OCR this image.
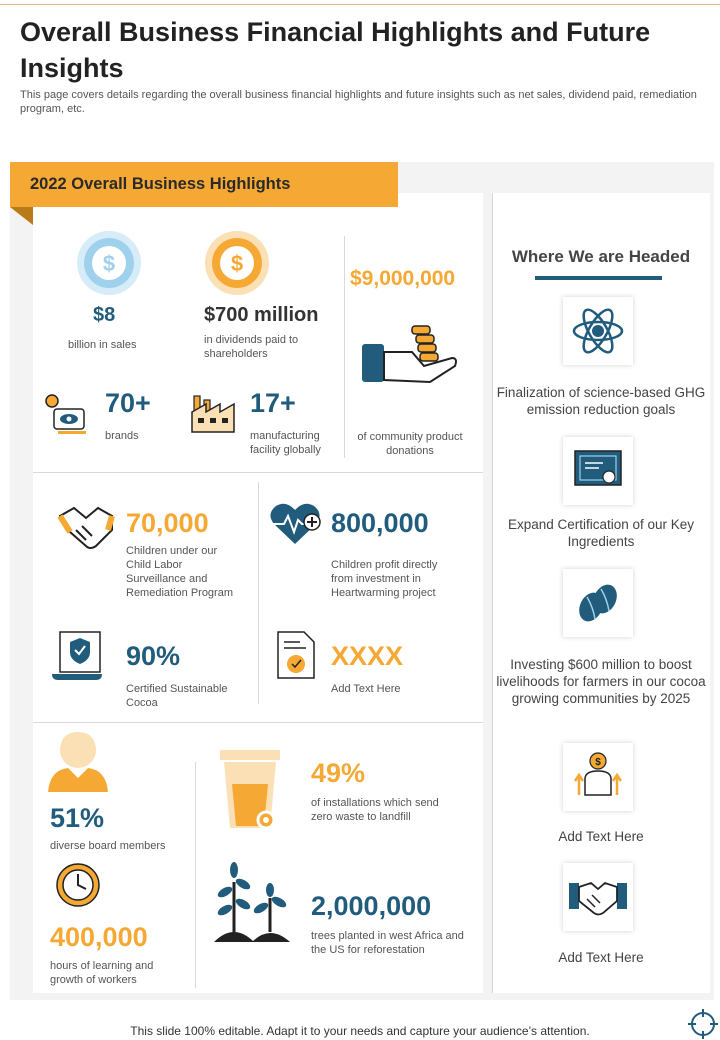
Overall Business Financial Highlights and Future Insights
This page covers details regarding the overall business financial highlights and future insights such as net sales, dividend paid, remediation program, etc.
2022 Overall Business Highlights
$
$8
billion in sales
$
$700 million
in dividends paid to shareholders
$9,000,000
of community product donations
70+
brands
17+
manufacturing facility globally
70,000
Children under our Child Labor Surveillance and Remediation Program
800,000
Children profit directly from investment in Heartwarming project
90%
Certified Sustainable Cocoa
XXXX
Add Text Here
51%
diverse board members
400,000
hours of learning and growth of workers
49%
of installations which send zero waste to landfill
2,000,000
trees planted in west Africa and the US for reforestation
Where We are Headed
Finalization of science-based GHG emission reduction goals
Expand Certification of our Key Ingredients
Investing $600 million to boost livelihoods for farmers in our cocoa growing communities by 2025
$
Add Text Here
Add Text Here
This slide 100% editable. Adapt it to your needs and capture your audience’s attention.
